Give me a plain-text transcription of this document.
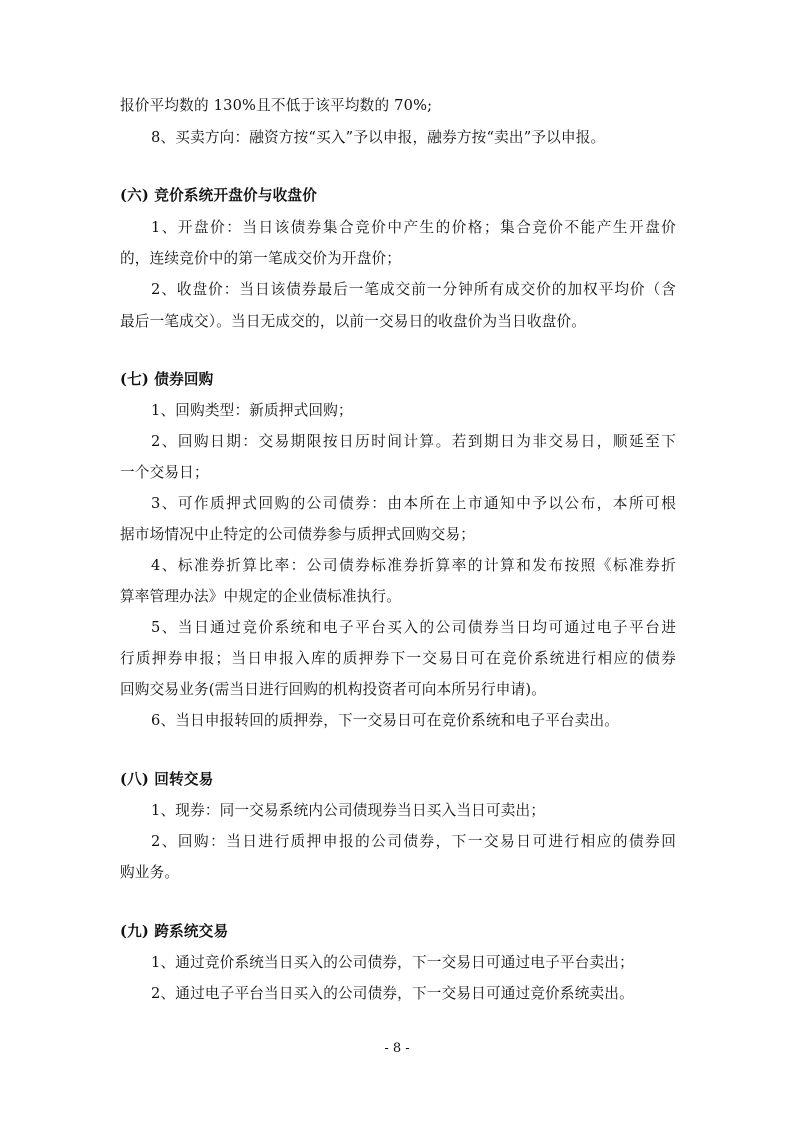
报价平均数的 130%且不低于该平均数的 70%;
8、买卖方向：融资方按“买入”予以申报，融券方按“卖出”予以申报。
(六) 竞价系统开盘价与收盘价
1、开盘价：当日该债券集合竞价中产生的价格；集合竞价不能产生开盘价
的，连续竞价中的第一笔成交价为开盘价；
2、收盘价：当日该债券最后一笔成交前一分钟所有成交价的加权平均价（含
最后一笔成交）。当日无成交的，以前一交易日的收盘价为当日收盘价。
(七) 债券回购
1、回购类型：新质押式回购；
2、回购日期：交易期限按日历时间计算。若到期日为非交易日，顺延至下
一个交易日；
3、可作质押式回购的公司债券：由本所在上市通知中予以公布，本所可根
据市场情况中止特定的公司债券参与质押式回购交易；
4、标准券折算比率：公司债券标准券折算率的计算和发布按照《标准券折
算率管理办法》中规定的企业债标准执行。
5、当日通过竞价系统和电子平台买入的公司债券当日均可通过电子平台进
行质押券申报；当日申报入库的质押券下一交易日可在竞价系统进行相应的债券
回购交易业务(需当日进行回购的机构投资者可向本所另行申请)。
6、当日申报转回的质押券，下一交易日可在竞价系统和电子平台卖出。
(八) 回转交易
1、现券：同一交易系统内公司债现券当日买入当日可卖出；
2、回购：当日进行质押申报的公司债券，下一交易日可进行相应的债券回
购业务。
(九) 跨系统交易
1、通过竞价系统当日买入的公司债券，下一交易日可通过电子平台卖出；
2、通过电子平台当日买入的公司债券，下一交易日可通过竞价系统卖出。
- 8 -
